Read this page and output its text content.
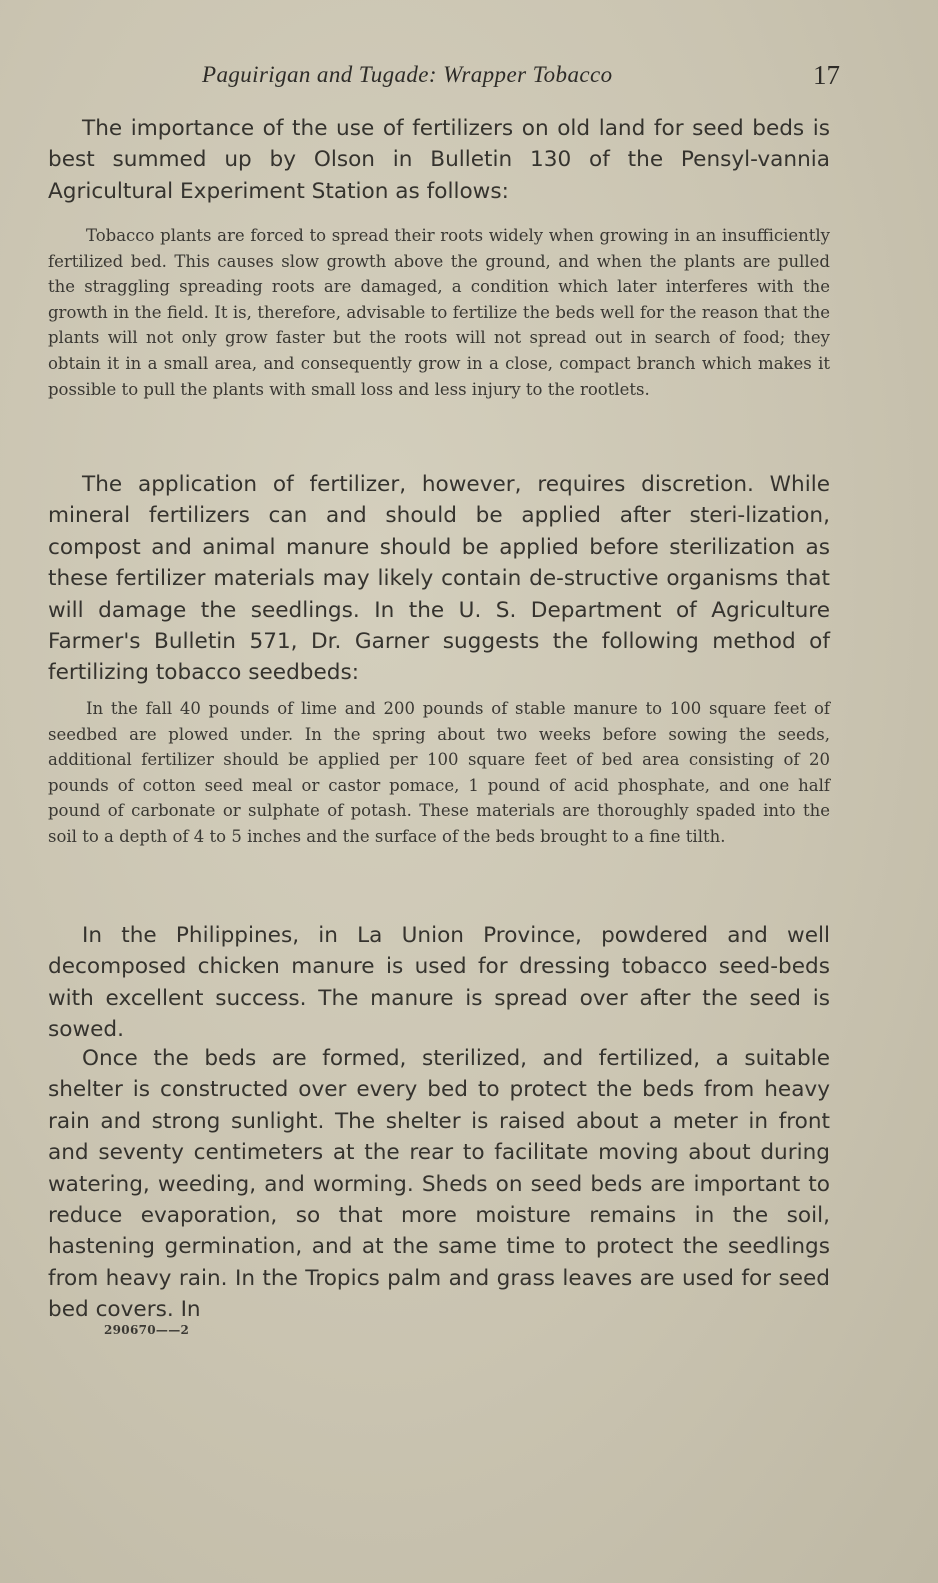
Paguirigan and Tugade: Wrapper Tobacco	17

The importance of the use of fertilizers on old land for seed beds is best summed up by Olson in Bulletin 130 of the Pensyl-vannia Agricultural Experiment Station as follows:

Tobacco plants are forced to spread their roots widely when growing in an insufficiently fertilized bed. This causes slow growth above the ground, and when the plants are pulled the straggling spreading roots are damaged, a condition which later interferes with the growth in the field. It is, therefore, advisable to fertilize the beds well for the reason that the plants will not only grow faster but the roots will not spread out in search of food; they obtain it in a small area, and consequently grow in a close, compact branch which makes it possible to pull the plants with small loss and less injury to the rootlets.

The application of fertilizer, however, requires discretion. While mineral fertilizers can and should be applied after steri-lization, compost and animal manure should be applied before sterilization as these fertilizer materials may likely contain de-structive organisms that will damage the seedlings. In the U. S. Department of Agriculture Farmer's Bulletin 571, Dr. Garner suggests the following method of fertilizing tobacco seedbeds:

In the fall 40 pounds of lime and 200 pounds of stable manure to 100 square feet of seedbed are plowed under. In the spring about two weeks before sowing the seeds, additional fertilizer should be applied per 100 square feet of bed area consisting of 20 pounds of cotton seed meal or castor pomace, 1 pound of acid phosphate, and one half pound of carbonate or sulphate of potash. These materials are thoroughly spaded into the soil to a depth of 4 to 5 inches and the surface of the beds brought to a fine tilth.

In the Philippines, in La Union Province, powdered and well decomposed chicken manure is used for dressing tobacco seed-beds with excellent success. The manure is spread over after the seed is sowed.

Once the beds are formed, sterilized, and fertilized, a suitable shelter is constructed over every bed to protect the beds from heavy rain and strong sunlight. The shelter is raised about a meter in front and seventy centimeters at the rear to facilitate moving about during watering, weeding, and worming. Sheds on seed beds are important to reduce evaporation, so that more moisture remains in the soil, hastening germination, and at the same time to protect the seedlings from heavy rain. In the Tropics palm and grass leaves are used for seed bed covers. In

290670——2
